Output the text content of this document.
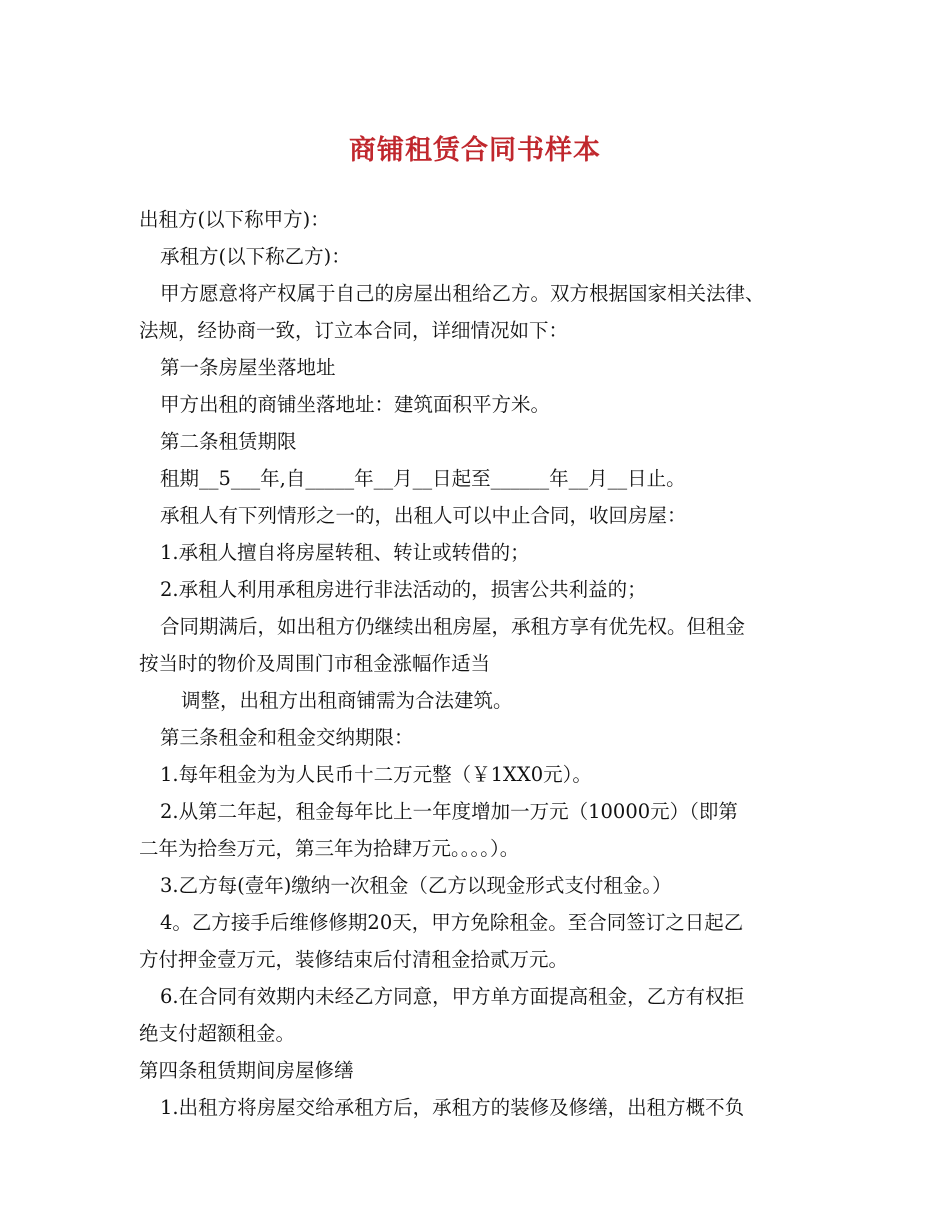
商铺租赁合同书样本
出租方(以下称甲方)：
承租方(以下称乙方)：
甲方愿意将产权属于自己的房屋出租给乙方。双方根据国家相关法律、
法规，经协商一致，订立本合同，详细情况如下：
第一条房屋坐落地址
甲方出租的商铺坐落地址：建筑面积平方米。
第二条租赁期限
租期__5___年,自_____年__月__日起至______年__月__日止。
承租人有下列情形之一的，出租人可以中止合同，收回房屋：
1.承租人擅自将房屋转租、转让或转借的；
2.承租人利用承租房进行非法活动的，损害公共利益的；
合同期满后，如出租方仍继续出租房屋，承租方享有优先权。但租金
按当时的物价及周围门市租金涨幅作适当
调整，出租方出租商铺需为合法建筑。
第三条租金和租金交纳期限：
1.每年租金为为人民币十二万元整（￥1XX0元）。
2.从第二年起，租金每年比上一年度增加一万元（10000元）（即第
二年为拾叁万元，第三年为拾肆万元。。。。）。
3.乙方每(壹年)缴纳一次租金（乙方以现金形式支付租金。）
4。乙方接手后维修修期20天，甲方免除租金。至合同签订之日起乙
方付押金壹万元，装修结束后付清租金拾贰万元。
6.在合同有效期内未经乙方同意，甲方单方面提高租金，乙方有权拒
绝支付超额租金。
第四条租赁期间房屋修缮
1.出租方将房屋交给承租方后，承租方的装修及修缮，出租方概不负
